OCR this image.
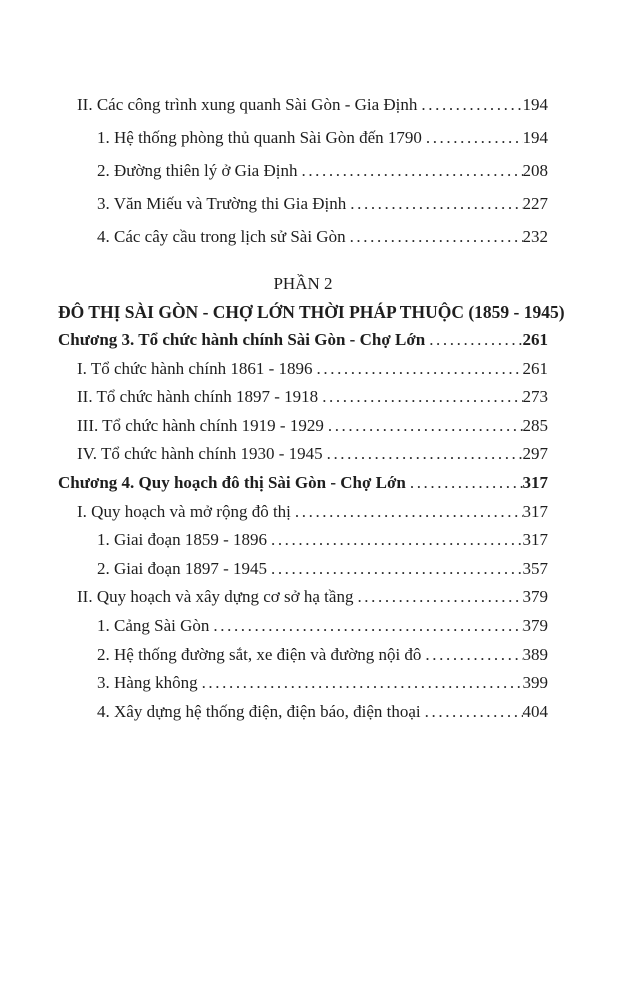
II. Các công trình xung quanh Sài Gòn - Gia Định .....	194
1. Hệ thống phòng thủ quanh Sài Gòn đến 1790 .....	194
2. Đường thiên lý ở Gia Định .....	208
3. Văn Miếu và Trường thi Gia Định .....	227
4. Các cây cầu trong lịch sử Sài Gòn .....	232
PHẦN 2
ĐÔ THỊ SÀI GÒN - CHỢ LỚN THỜI PHÁP THUỘC (1859 - 1945)
Chương 3. Tổ chức hành chính Sài Gòn - Chợ Lớn .....	261
I. Tổ chức hành chính 1861 - 1896 .....	261
II. Tổ chức hành chính 1897 - 1918 .....	273
III. Tổ chức hành chính 1919 - 1929 .....	285
IV. Tổ chức hành chính 1930 - 1945 .....	297
Chương 4. Quy hoạch đô thị Sài Gòn - Chợ Lớn .....	317
I. Quy hoạch và mở rộng đô thị .....	317
1. Giai đoạn 1859 - 1896 .....	317
2. Giai đoạn 1897 - 1945 .....	357
II. Quy hoạch và xây dựng cơ sở hạ tầng .....	379
1. Cảng Sài Gòn .....	379
2. Hệ thống đường sắt, xe điện và đường nội đô .....	389
3. Hàng không .....	399
4. Xây dựng hệ thống điện, điện báo, điện thoại .....	404
